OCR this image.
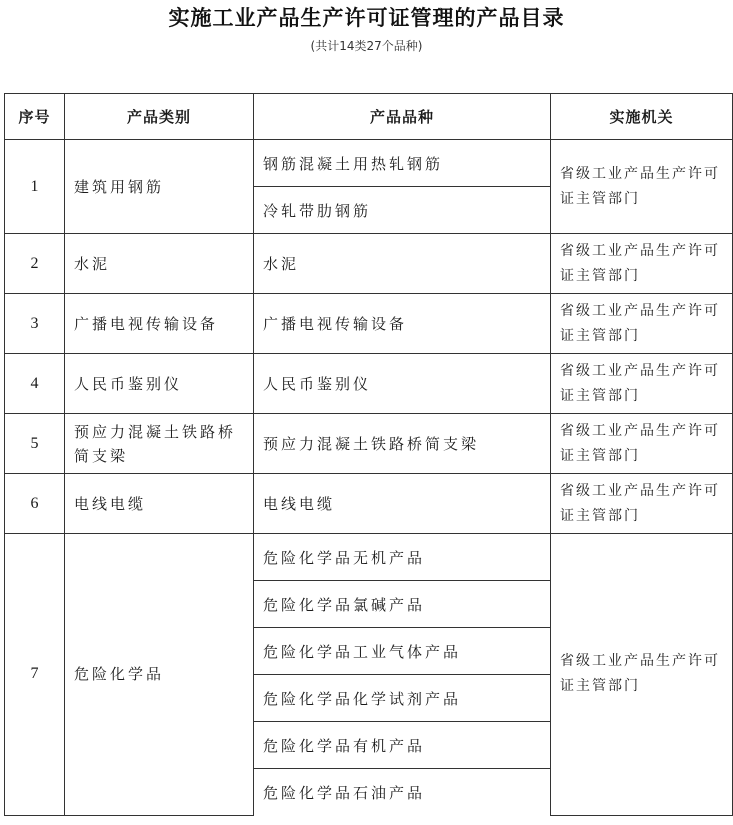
实施工业产品生产许可证管理的产品目录
(共计14类27个品种)
序号	产品类别	产品品种	实施机关
1	建筑用钢筋	钢筋混凝土用热轧钢筋	省级工业产品生产许可证主管部门
		冷轧带肋钢筋	
2	水泥	水泥	省级工业产品生产许可证主管部门
3	广播电视传输设备	广播电视传输设备	省级工业产品生产许可证主管部门
4	人民币鉴别仪	人民币鉴别仪	省级工业产品生产许可证主管部门
5	预应力混凝土铁路桥简支梁	预应力混凝土铁路桥简支梁	省级工业产品生产许可证主管部门
6	电线电缆	电线电缆	省级工业产品生产许可证主管部门
7	危险化学品	危险化学品无机产品	省级工业产品生产许可证主管部门
		危险化学品氯碱产品	
		危险化学品工业气体产品	
		危险化学品化学试剂产品	
		危险化学品有机产品	
		危险化学品石油产品	
